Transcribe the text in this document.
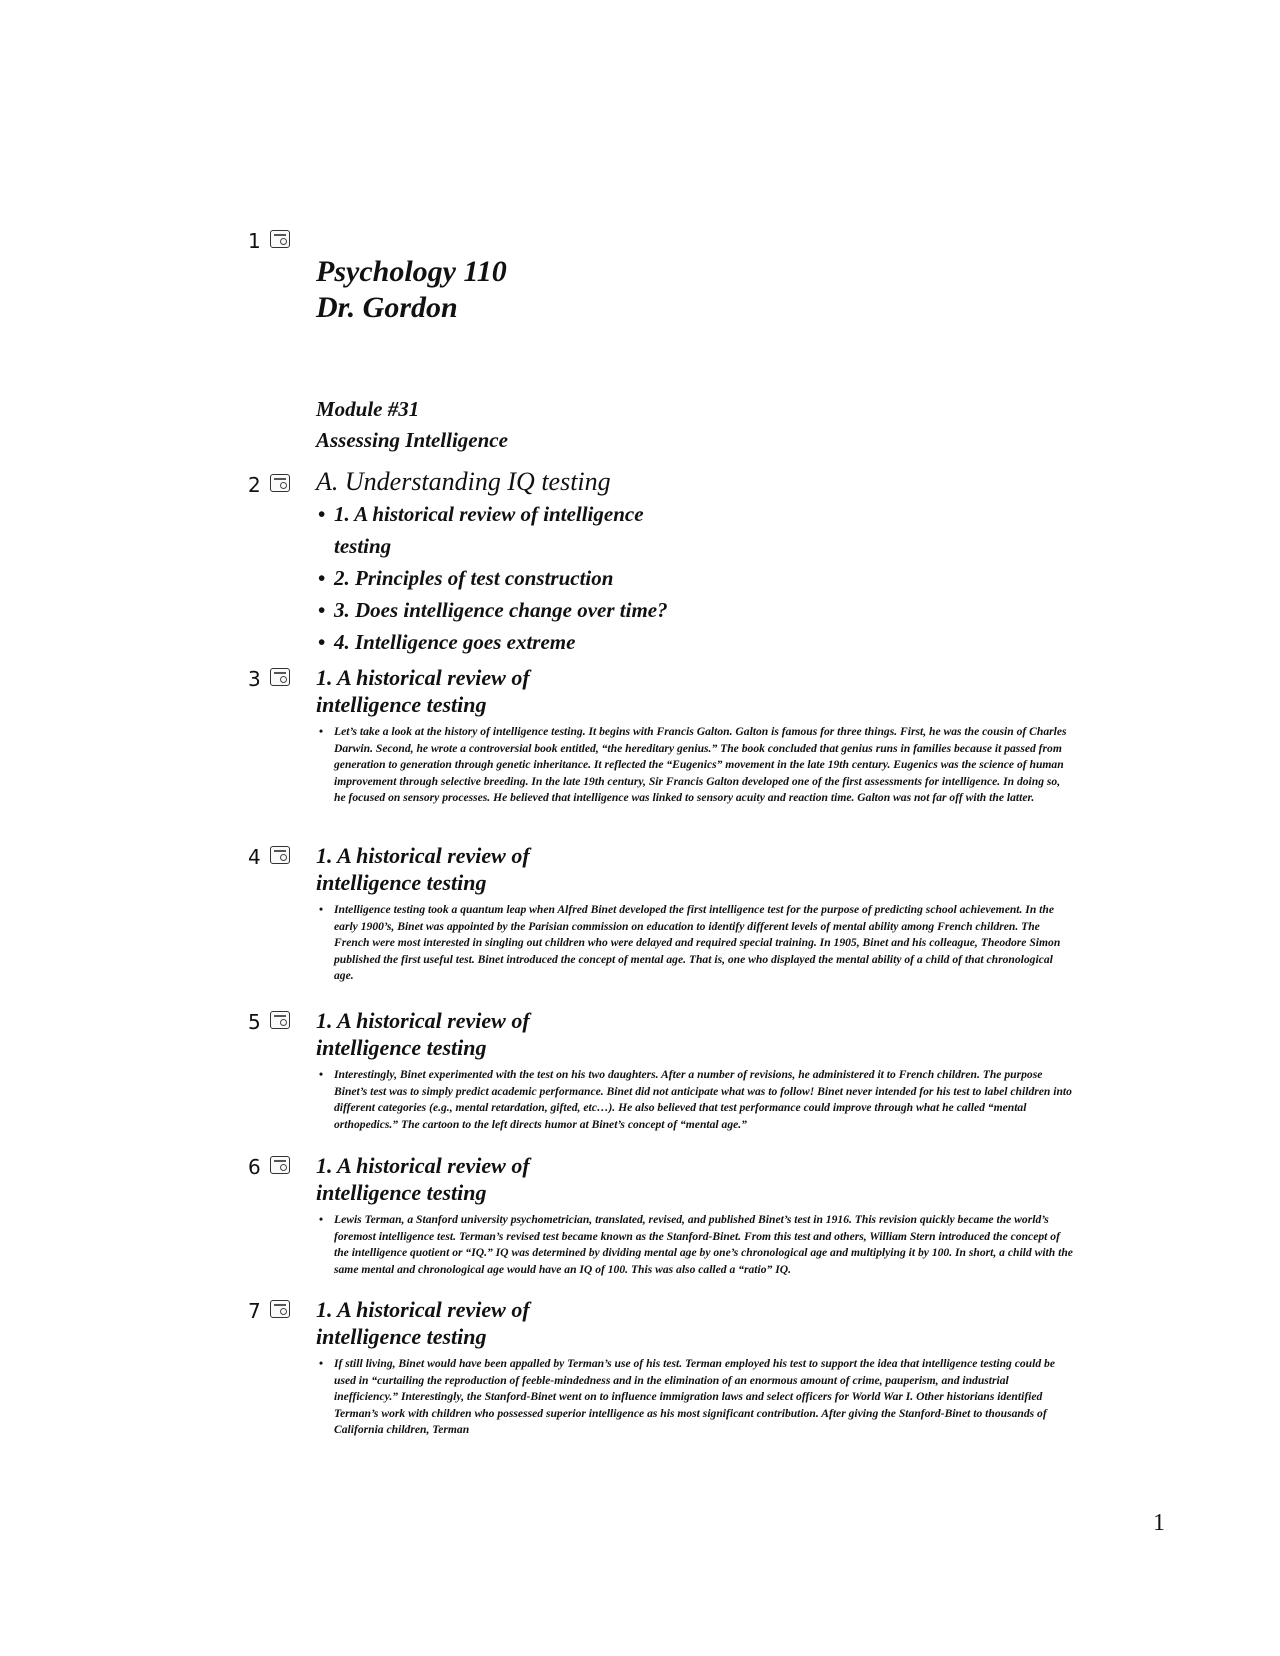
1

Psychology 110

Dr. Gordon

Module #31

Assessing Intelligence

2 A. Understanding IQ testing

• 1. A historical review of intelligence testing
• 2. Principles of test construction
• 3. Does intelligence change over time?
• 4. Intelligence goes extreme
3	1. A historical review of

intelligence testing

• Let’s take a look at the history of intelligence testing. It begins with Francis Galton. Galton is famous for three things. First, he was the cousin of Charles Darwin. Second, he wrote a controversial book entitled, “the hereditary genius.” The book concluded that genius runs in families because it passed from generation to generation through genetic inheritance. It reflected the “Eugenics” movement in the late 19th century. Eugenics was the science of human improvement through selective breeding. In the late 19th century, Sir Francis Galton developed one of the first assessments for intelligence. In doing so, he focused on sensory processes. He believed that intelligence was linked to sensory acuity and reaction time. Galton was not far off with the latter.

4	1. A historical review of

intelligence testing

• Intelligence testing took a quantum leap when Alfred Binet developed the first intelligence test for the purpose of predicting school achievement. In the early 1900’s, Binet was appointed by the Parisian commission on education to identify different levels of mental ability among French children. The French were most interested in singling out children who were delayed and required special training. In 1905, Binet and his colleague, Theodore Simon published the first useful test. Binet introduced the concept of mental age. That is, one who displayed the mental ability of a child of that chronological age.

5	1. A historical review of

intelligence testing

• Interestingly, Binet experimented with the test on his two daughters. After a number of revisions, he administered it to French children. The purpose Binet’s test was to simply predict academic performance. Binet did not anticipate what was to follow! Binet never intended for his test to label children into different categories (e.g., mental retardation, gifted, etc…). He also believed that test performance could improve through what he called “mental orthopedics.” The cartoon to the left directs humor at Binet’s concept of “mental age.”

6	1. A historical review of

intelligence testing

• Lewis Terman, a Stanford university psychometrician, translated, revised, and published Binet’s test in 1916. This revision quickly became the world’s foremost intelligence test. Terman’s revised test became known as the Stanford-Binet. From this test and others, William Stern introduced the concept of the intelligence quotient or “IQ.” IQ was determined by dividing mental age by one’s chronological age and multiplying it by 100. In short, a child with the same mental and chronological age would have an IQ of 100. This was also called a “ratio” IQ.

7	1. A historical review of

intelligence testing

• If still living, Binet would have been appalled by Terman’s use of his test. Terman employed his test to support the idea that intelligence testing could be used in “curtailing the reproduction of feeble-mindedness and in the elimination of an enormous amount of crime, pauperism, and industrial inefficiency.” Interestingly, the Stanford-Binet went on to influence immigration laws and select officers for World War I. Other historians identified Terman’s work with children who possessed superior intelligence as his most significant contribution. After giving the Stanford-Binet to thousands of California children, Terman

1
